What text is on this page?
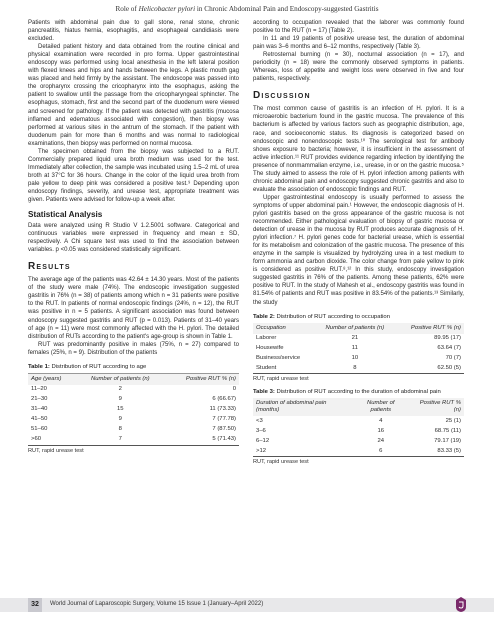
Role of Helicobacter pylori in Chronic Abdominal Pain and Endoscopy-suggested Gastritis

Patients with abdominal pain due to gall stone, renal stone, chronic pancreatitis, hiatus hernia, esophagitis, and esophageal candidiasis were excluded.

Detailed patient history and data obtained from the routine clinical and physical examination were recorded in pro forma. Upper gastrointestinal endoscopy was performed using local anesthesia in the left lateral position with flexed knees and hips and hands between the legs. A plastic mouth gag was placed and held firmly by the assistant. The endoscope was passed into the oropharynx crossing the cricopharynx into the esophagus, asking the patient to swallow until the passage from the cricopharyngeal sphincter. The esophagus, stomach, first and the second part of the duodenum were viewed and screened for pathology. If the patient was detected with gastritis (mucosa inflamed and edematous associated with congestion), then biopsy was performed at various sites in the antrum of the stomach. If the patient with duodenum pain for more than 6 months and was normal to radiological examinations, then biopsy was performed on normal mucosa.

The specimen obtained from the biopsy was subjected to a RUT. Commercially prepared liquid urea broth medium was used for the test. Immediately after collection, the sample was incubated using 1.5–2 mL of urea broth at 37°C for 36 hours. Change in the color of the liquid urea broth from pale yellow to deep pink was considered a positive test.⁹ Depending upon endoscopy findings, severity, and urease test, appropriate treatment was given. Patients were advised for follow-up a week after.

Statistical Analysis

Data were analyzed using R Studio V 1.2.5001 software. Categorical and continuous variables were expressed in frequency and mean ± SD, respectively. A Chi square test was used to find the association between variables. p <0.05 was considered statistically significant.

Results

The average age of the patients was 42.64 ± 14.30 years. Most of the patients of the study were male (74%). The endoscopic investigation suggested gastritis in 76% (n = 38) of patients among which n = 31 patients were positive to the RUT. In patients of normal endoscopic findings (24%, n = 12), the RUT was positive in n = 5 patients. A significant association was found between endoscopy suggested gastritis and RUT (p = 0.013). Patients of 31–40 years of age (n = 11) were most commonly affected with the H. pylori. The detailed distribution of RUTs according to the patient's age-group is shown in Table 1.

RUT was predominantly positive in males (75%, n = 27) compared to females (25%, n = 9). Distribution of the patients

Table 1: Distribution of RUT according to age
Age (years)	Number of patients (n)	Positive RUT % (n)
11–20	2	0
21–30	9	6 (66.67)
31–40	15	11 (73.33)
41–50	9	7 (77.78)
51–60	8	7 (87.50)
>60	7	5 (71.43)
RUT, rapid urease test

according to occupation revealed that the laborer was commonly found positive to the RUT (n = 17) (Table 2).

In 11 and 19 patients of positive urease test, the duration of abdominal pain was 3–6 months and 6–12 months, respectively (Table 3).

Retrosternal burning (n = 30), nocturnal association (n = 17), and periodicity (n = 18) were the commonly observed symptoms in patients. Whereas, loss of appetite and weight loss were observed in five and four patients, respectively.

Discussion

The most common cause of gastritis is an infection of H. pylori. It is a microaerobic bacterium found in the gastric mucosa. The prevalence of this bacterium is affected by various factors such as geographic distribution, age, race, and socioeconomic status. Its diagnosis is categorized based on endoscopic and nonendoscopic tests.¹⁰ The serological test for antibody shows exposure to bacteria; however, it is insufficient in the assessment of active infection.¹¹ RUT provides evidence regarding infection by identifying the presence of nonmammalian enzyme, i.e., urease, in or on the gastric mucosa.⁵ The study aimed to assess the role of H. pylori infection among patients with chronic abdominal pain and endoscopy suggested chronic gastritis and also to evaluate the association of endoscopic findings and RUT.

Upper gastrointestinal endoscopy is usually performed to assess the symptoms of upper abdominal pain.¹ However, the endoscopic diagnosis of H. pylori gastritis based on the gross appearance of the gastric mucosa is not recommended. Either pathological evaluation of biopsy of gastric mucosa or detection of urease in the mucosa by RUT produces accurate diagnosis of H. pylori infection.⁷ H. pylori genes code for bacterial urease, which is essential for its metabolism and colonization of the gastric mucosa. The presence of this enzyme in the sample is visualized by hydrolyzing urea in a test medium to form ammonia and carbon dioxide. The color change from pale yellow to pink is considered as positive RUT.⁸,¹² In this study, endoscopy investigation suggested gastritis in 76% of the patients. Among these patients, 62% were positive to RUT. In the study of Mahesh et al., endoscopy gastritis was found in 81.54% of patients and RUT was positive in 83.54% of the patients.¹³ Similarly, the study

Table 2: Distribution of RUT according to occupation
Occupation	Number of patients (n)	Positive RUT % (n)
Laborer	21	89.95 (17)
Housewife	11	63.64 (7)
Business/service	10	70 (7)
Student	8	62.50 (5)
RUT, rapid urease test
Table 3: Distribution of RUT according to the duration of abdominal pain
Duration of abdominal pain (months)	Number of patients	Positive RUT % (n)
<3	4	25 (1)
3–6	16	68.75 (11)
6–12	24	79.17 (19)
>12	6	83.33 (5)
RUT, rapid urease test
32	World Journal of Laparoscopic Surgery, Volume 15 Issue 1 (January–April 2022)
